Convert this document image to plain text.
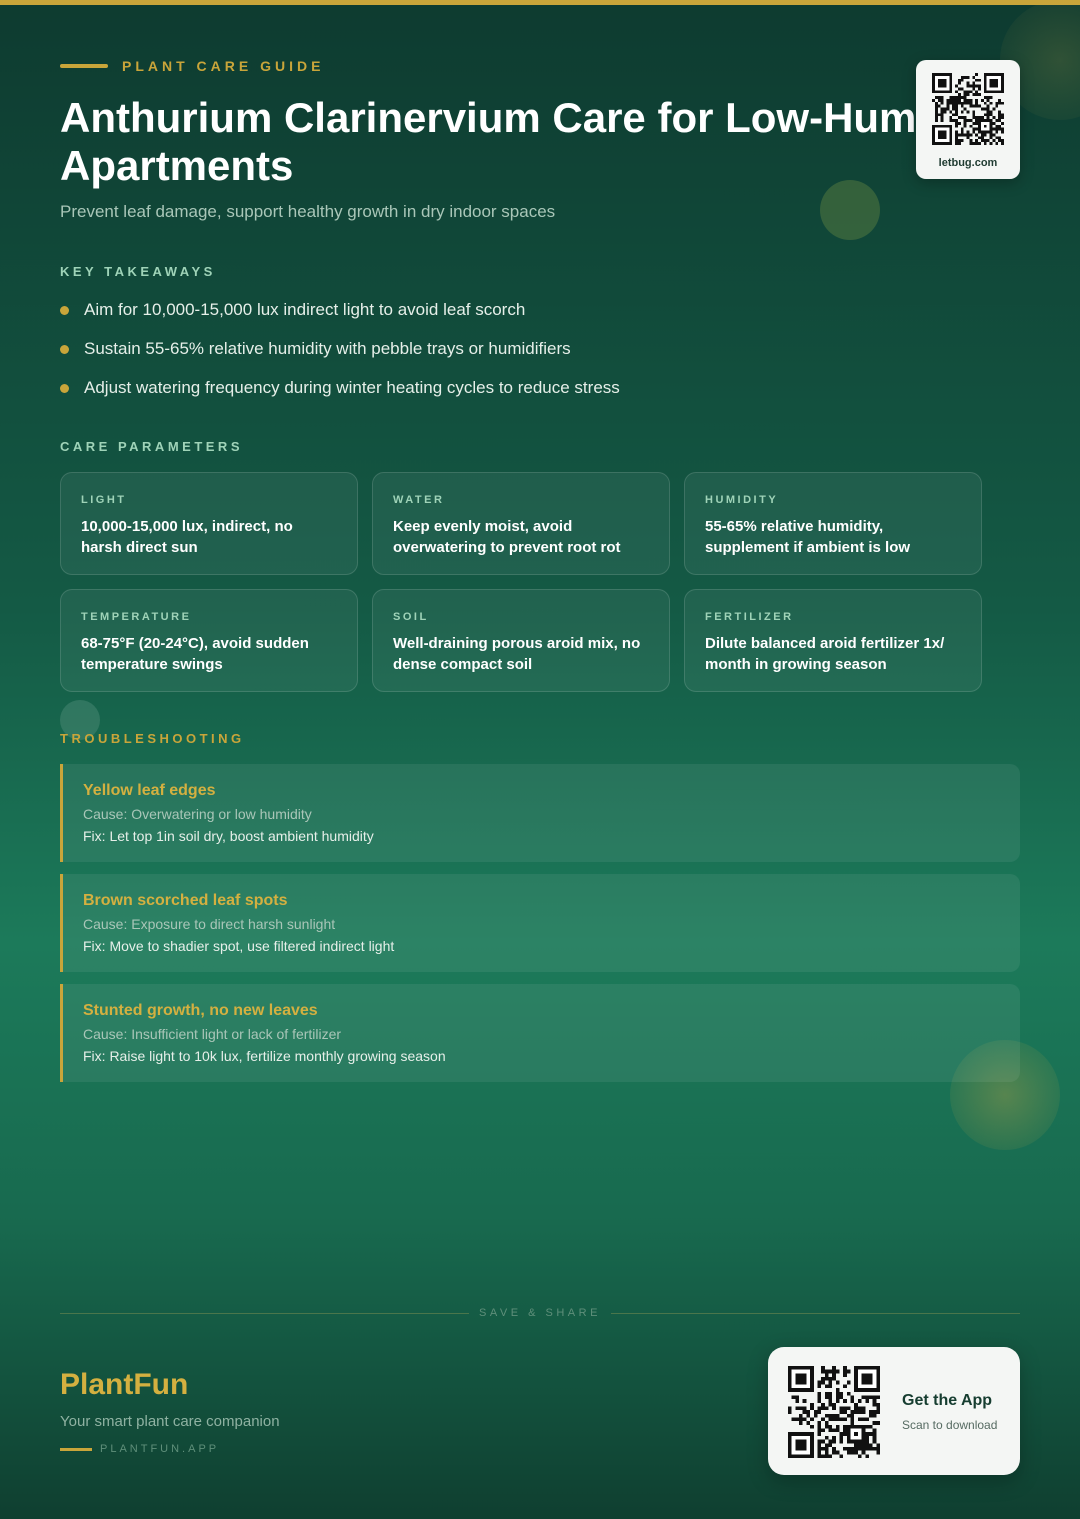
PLANT CARE GUIDE
Anthurium Clarinervium Care for Low-Hum
Apartments
Prevent leaf damage, support healthy growth in dry indoor spaces
letbug.com
KEY TAKEAWAYS
Aim for 10,000-15,000 lux indirect light to avoid leaf scorch
Sustain 55-65% relative humidity with pebble trays or humidifiers
Adjust watering frequency during winter heating cycles to reduce stress
CARE PARAMETERS
LIGHT
10,000-15,000 lux, indirect, no harsh direct sun
WATER
Keep evenly moist, avoid overwatering to prevent root rot
HUMIDITY
55-65% relative humidity, supplement if ambient is low
TEMPERATURE
68-75°F (20-24°C), avoid sudden temperature swings
SOIL
Well-draining porous aroid mix, no dense compact soil
FERTILIZER
Dilute balanced aroid fertilizer 1x/ month in growing season
TROUBLESHOOTING
Yellow leaf edges
Cause: Overwatering or low humidity
Fix: Let top 1in soil dry, boost ambient humidity
Brown scorched leaf spots
Cause: Exposure to direct harsh sunlight
Fix: Move to shadier spot, use filtered indirect light
Stunted growth, no new leaves
Cause: Insufficient light or lack of fertilizer
Fix: Raise light to 10k lux, fertilize monthly growing season
SAVE & SHARE
PlantFun
Your smart plant care companion
PLANTFUN.APP
Get the App
Scan to download
